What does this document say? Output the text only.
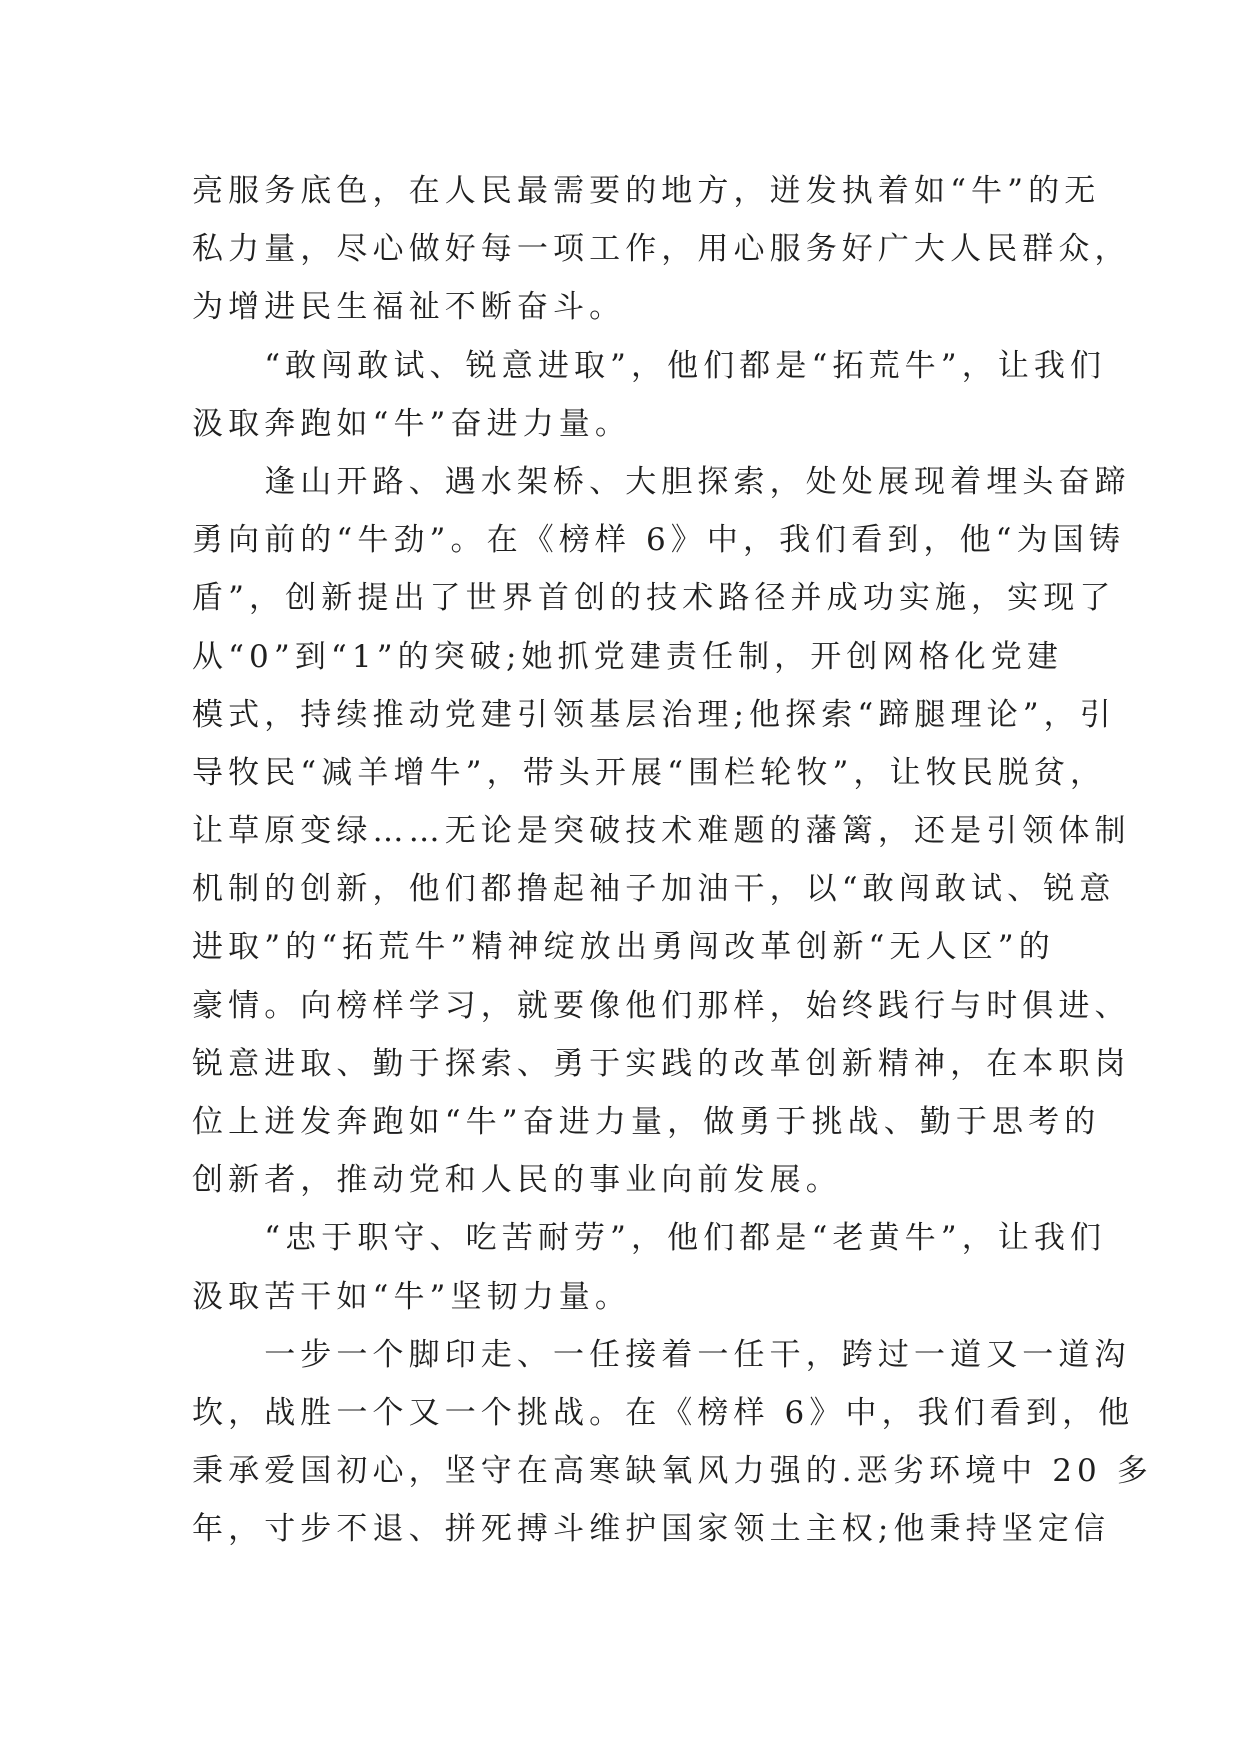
亮服务底色，在人民最需要的地方，迸发执着如“牛”的无
私力量，尽心做好每一项工作，用心服务好广大人民群众，
为增进民生福祉不断奋斗。
　　“敢闯敢试、锐意进取”，他们都是“拓荒牛”，让我们
汲取奔跑如“牛”奋进力量。
　　逢山开路、遇水架桥、大胆探索，处处展现着埋头奋蹄
勇向前的“牛劲”。在《榜样 6》中，我们看到，他“为国铸
盾”，创新提出了世界首创的技术路径并成功实施，实现了
从“0”到“1”的突破;她抓党建责任制，开创网格化党建
模式，持续推动党建引领基层治理;他探索“蹄腿理论”，引
导牧民“减羊增牛”，带头开展“围栏轮牧”，让牧民脱贫，
让草原变绿……无论是突破技术难题的藩篱，还是引领体制
机制的创新，他们都撸起袖子加油干，以“敢闯敢试、锐意
进取”的“拓荒牛”精神绽放出勇闯改革创新“无人区”的
豪情。向榜样学习，就要像他们那样，始终践行与时俱进、
锐意进取、勤于探索、勇于实践的改革创新精神，在本职岗
位上迸发奔跑如“牛”奋进力量，做勇于挑战、勤于思考的
创新者，推动党和人民的事业向前发展。
　　“忠于职守、吃苦耐劳”，他们都是“老黄牛”，让我们
汲取苦干如“牛”坚韧力量。
　　一步一个脚印走、一任接着一任干，跨过一道又一道沟
坎，战胜一个又一个挑战。在《榜样 6》中，我们看到，他
秉承爱国初心，坚守在高寒缺氧风力强的.恶劣环境中 20 多
年，寸步不退、拼死搏斗维护国家领土主权;他秉持坚定信
